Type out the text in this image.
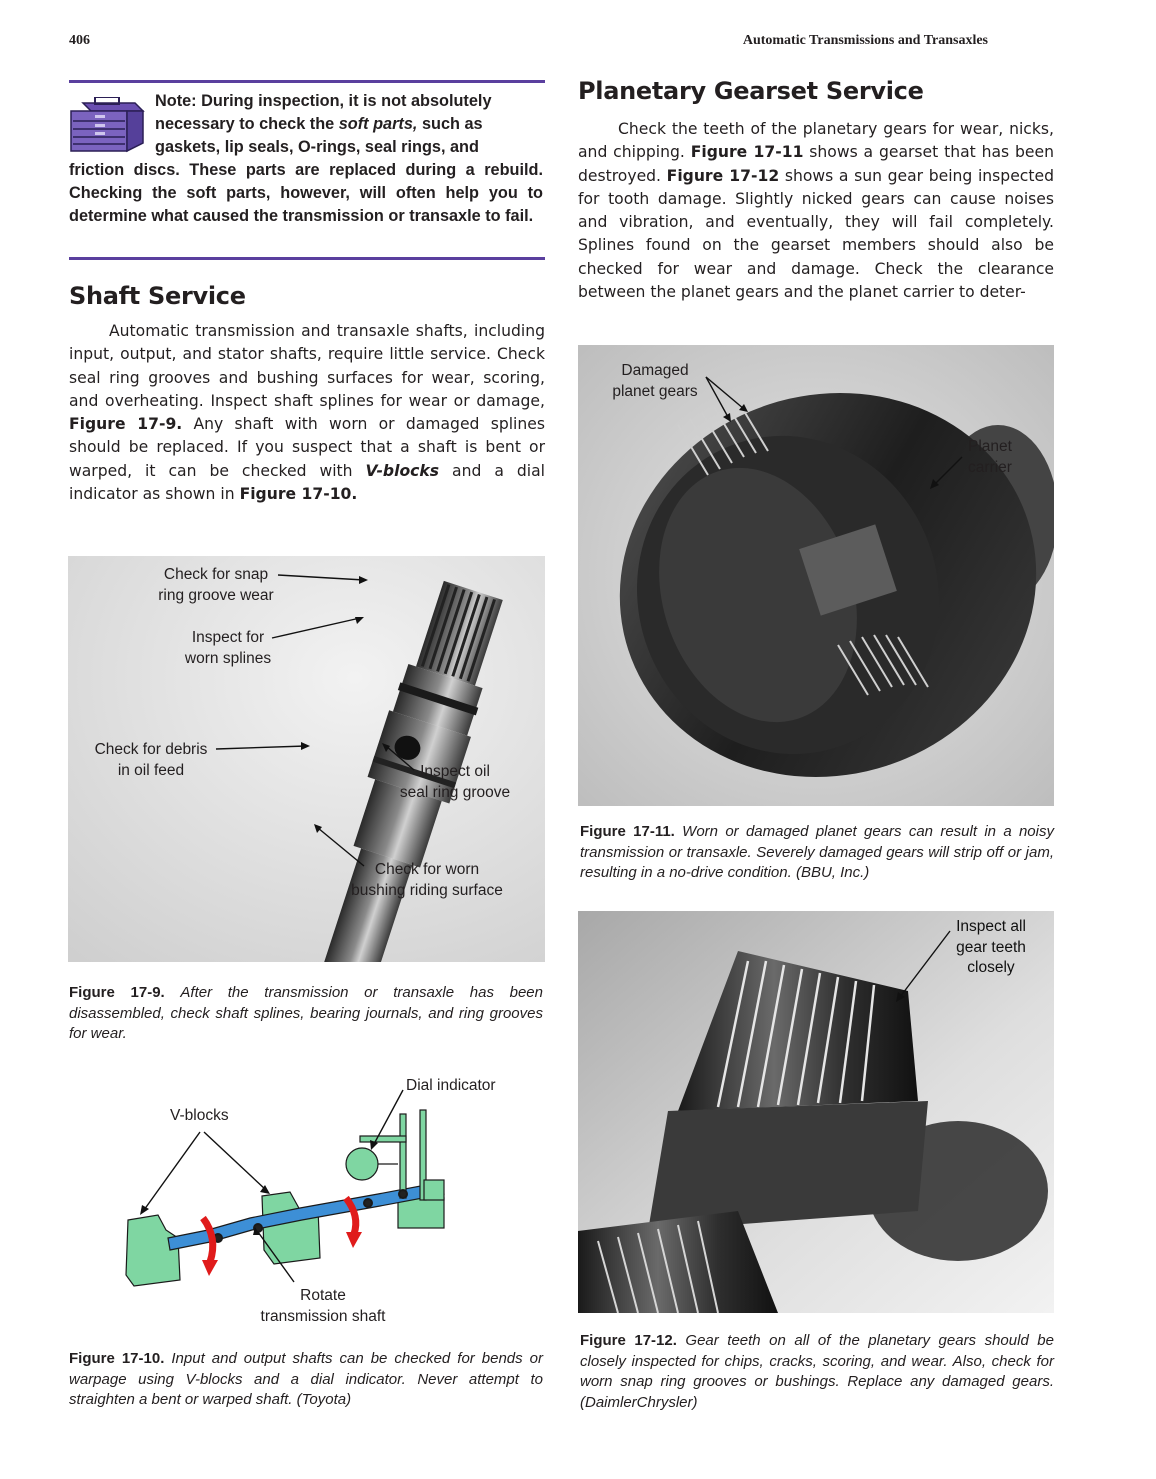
406	Automatic Transmissions and Transaxles
Note: During inspection, it is not absolutely
necessary to check the soft parts, such as
gaskets, lip seals, O-rings, seal rings, and
friction discs. These parts are replaced during a rebuild. Checking the soft parts, however, will often help you to determine what caused the transmission or transaxle to fail.
Shaft Service

Automatic transmission and transaxle shafts, including input, output, and stator shafts, require little service. Check seal ring grooves and bushing surfaces for wear, scoring, and overheating. Inspect shaft splines for wear or damage, Figure 17-9. Any shaft with worn or damaged splines should be replaced. If you suspect that a shaft is bent or warped, it can be checked with V-blocks and a dial indicator as shown in Figure 17-10.

Check for snap
ring groove wear
Inspect for
worn splines
Check for debris
in oil feed	Inspect oil
seal ring groove
Check for worn
bushing riding surface
Figure 17-9. After the transmission or transaxle has been disassembled, check shaft splines, bearing journals, and ring grooves for wear.
Dial indicator
V-blocks
Rotate
transmission shaft
Figure 17-10. Input and output shafts can be checked for bends or warpage using V-blocks and a dial indicator. Never attempt to straighten a bent or warped shaft. (Toyota)
Planetary Gearset Service

Check the teeth of the planetary gears for wear, nicks, and chipping. Figure 17-11 shows a gearset that has been destroyed. Figure 17-12 shows a sun gear being inspected for tooth damage. Slightly nicked gears can cause noises and vibration, and eventually, they will fail completely. Splines found on the gearset members should also be checked for wear and damage. Check the clearance between the planet gears and the planet carrier to deter-

Damaged
planet gears
Planet
carrier
Figure 17-11. Worn or damaged planet gears can result in a noisy transmission or transaxle. Severely damaged gears will strip off or jam, resulting in a no-drive condition. (BBU, Inc.)
Inspect all
gear teeth
closely
Figure 17-12. Gear teeth on all of the planetary gears should be closely inspected for chips, cracks, scoring, and wear. Also, check for worn snap ring grooves or bushings. Replace any damaged gears. (DaimlerChrysler)
